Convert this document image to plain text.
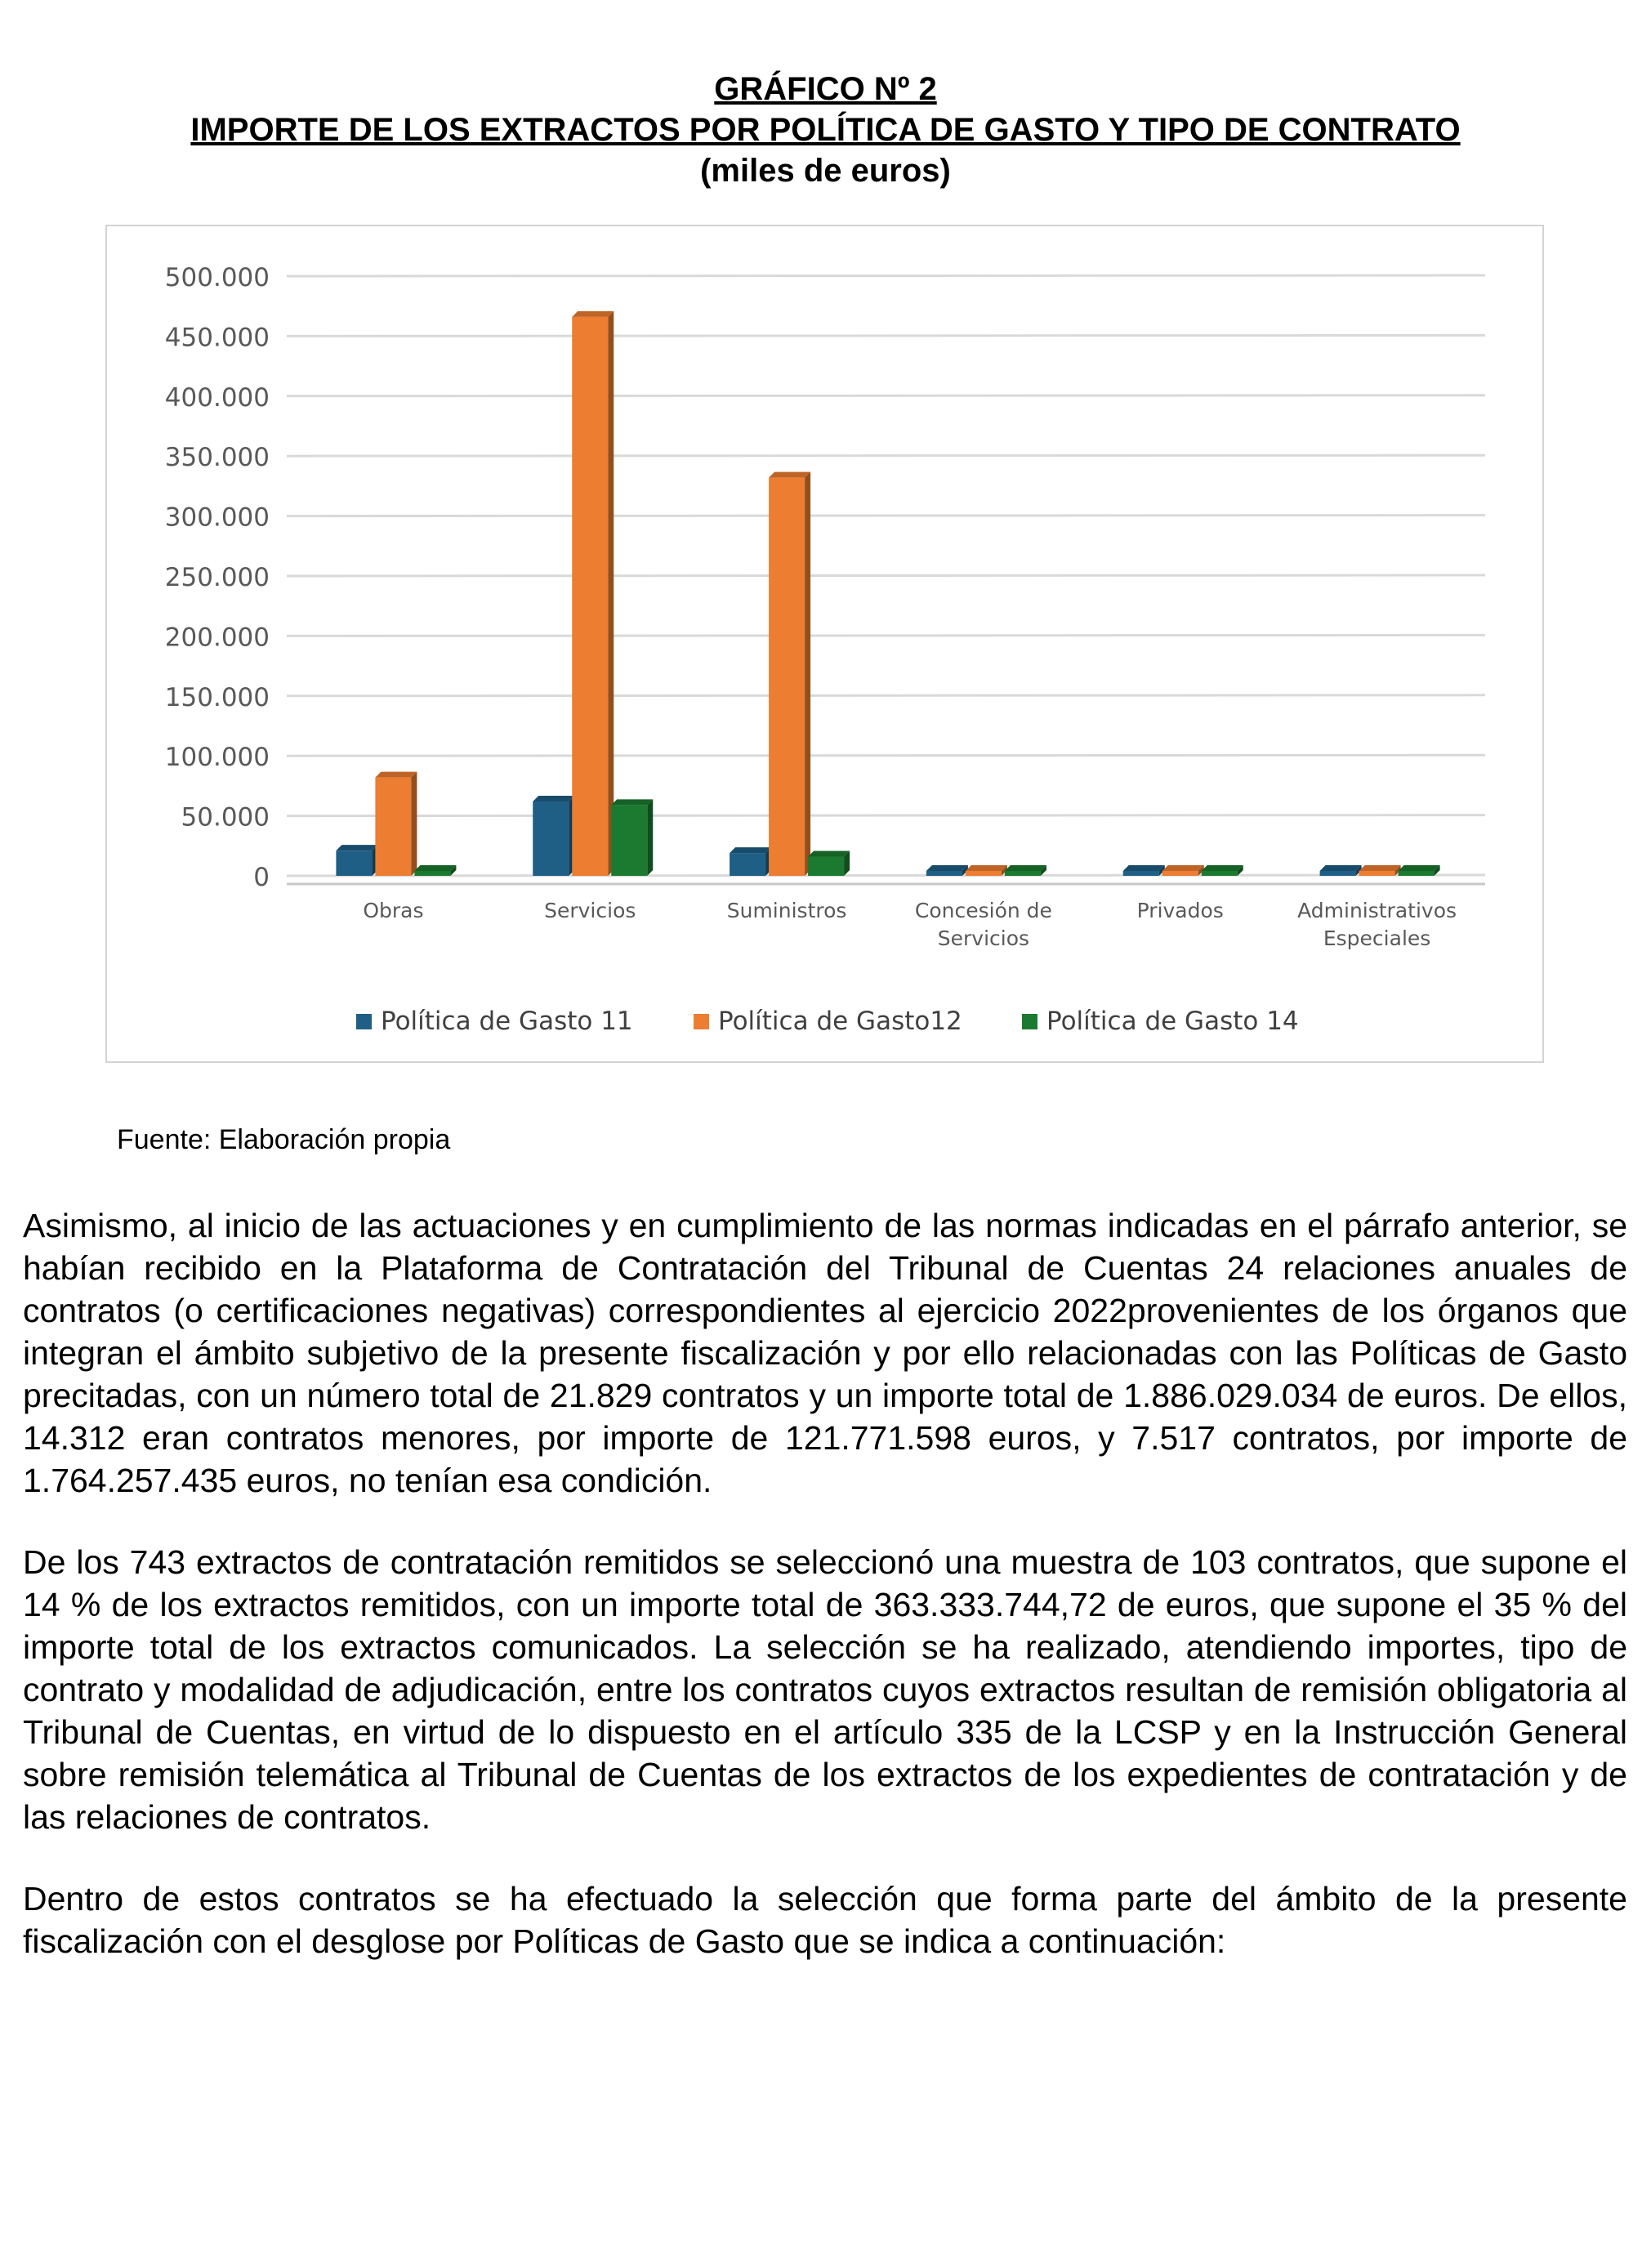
GRÁFICO Nº 2

IMPORTE DE LOS EXTRACTOS POR POLÍTICA DE GASTO Y TIPO DE CONTRATO

(miles de euros)

500.000
450.000
400.000
350.000
300.000
250.000
200.000
150.000
100.000
50.000
0
Obras	Servicios	Suministros	Concesión de
Servicios
Privados	Administrativos
Especiales
Política de Gasto 11	Política de Gasto12	Política de Gasto 14
Fuente: Elaboración propia

Asimismo, al inicio de las actuaciones y en cumplimiento de las normas indicadas en el párrafo anterior, se habían recibido en la Plataforma de Contratación del Tribunal de Cuentas 24 relaciones anuales de contratos (o certificaciones negativas) correspondientes al ejercicio 2022provenientes de los órganos que integran el ámbito subjetivo de la presente fiscalización y por ello relacionadas con las Políticas de Gasto precitadas, con un número total de 21.829 contratos y un importe total de 1.886.029.034 de euros. De ellos, 14.312 eran contratos menores, por importe de 121.771.598 euros, y 7.517 contratos, por importe de 1.764.257.435 euros, no tenían esa condición.

De los 743 extractos de contratación remitidos se seleccionó una muestra de 103 contratos, que supone el 14 % de los extractos remitidos, con un importe total de 363.333.744,72 de euros, que supone el 35 % del importe total de los extractos comunicados. La selección se ha realizado, atendiendo importes, tipo de contrato y modalidad de adjudicación, entre los contratos cuyos extractos resultan de remisión obligatoria al Tribunal de Cuentas, en virtud de lo dispuesto en el artículo 335 de la LCSP y en la Instrucción General sobre remisión telemática al Tribunal de Cuentas de los extractos de los expedientes de contratación y de las relaciones de contratos.

Dentro de estos contratos se ha efectuado la selección que forma parte del ámbito de la presente fiscalización con el desglose por Políticas de Gasto que se indica a continuación:
